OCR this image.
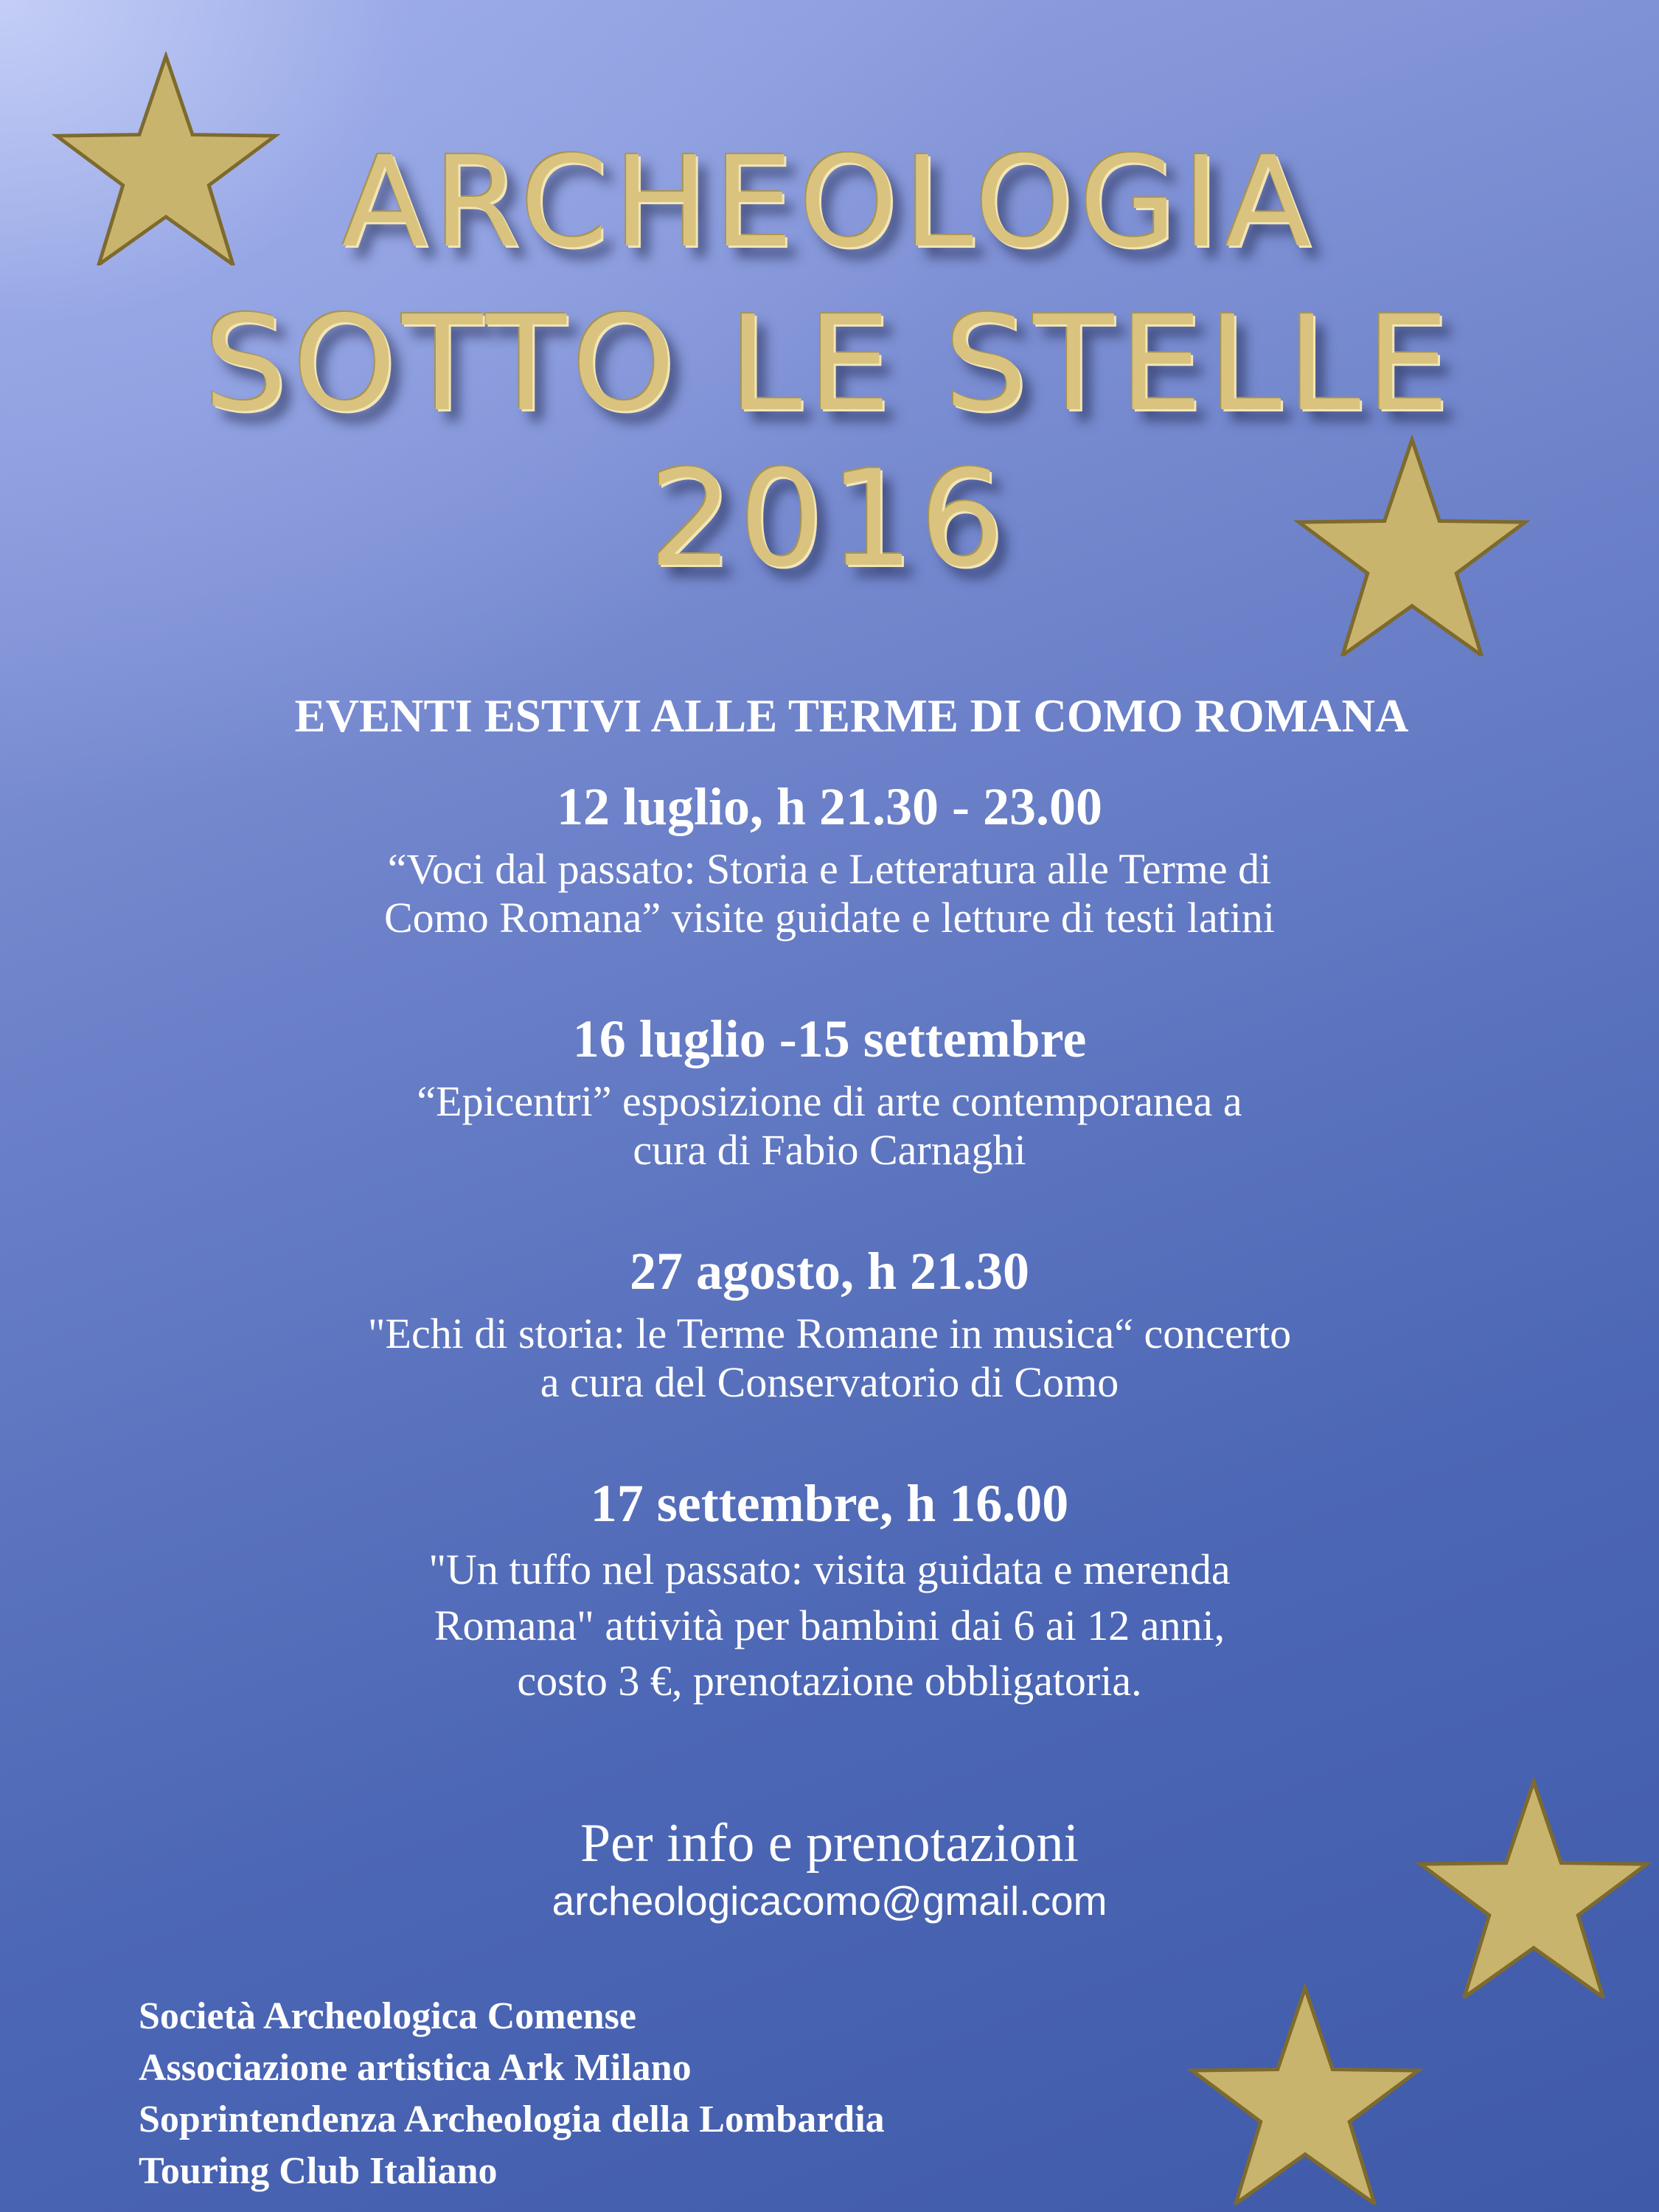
ARCHEOLOGIA
SOTTO LE STELLE
2016
EVENTI ESTIVI ALLE TERME DI COMO ROMANA
12 luglio, h 21.30 - 23.00
“Voci dal passato: Storia e Letteratura alle Terme di
Como Romana” visite guidate e letture di testi latini
16 luglio -15 settembre
“Epicentri” esposizione di arte contemporanea a
cura di Fabio Carnaghi
27 agosto, h 21.30
"Echi di storia: le Terme Romane in musica“ concerto
a cura del Conservatorio di Como
17 settembre, h 16.00
"Un tuffo nel passato: visita guidata e merenda
Romana" attività per bambini dai 6 ai 12 anni,
costo 3 €, prenotazione obbligatoria.
Per info e prenotazioni
archeologicacomo@gmail.com
Società Archeologica Comense
Associazione artistica Ark Milano
Soprintendenza Archeologia della Lombardia
Touring Club Italiano
